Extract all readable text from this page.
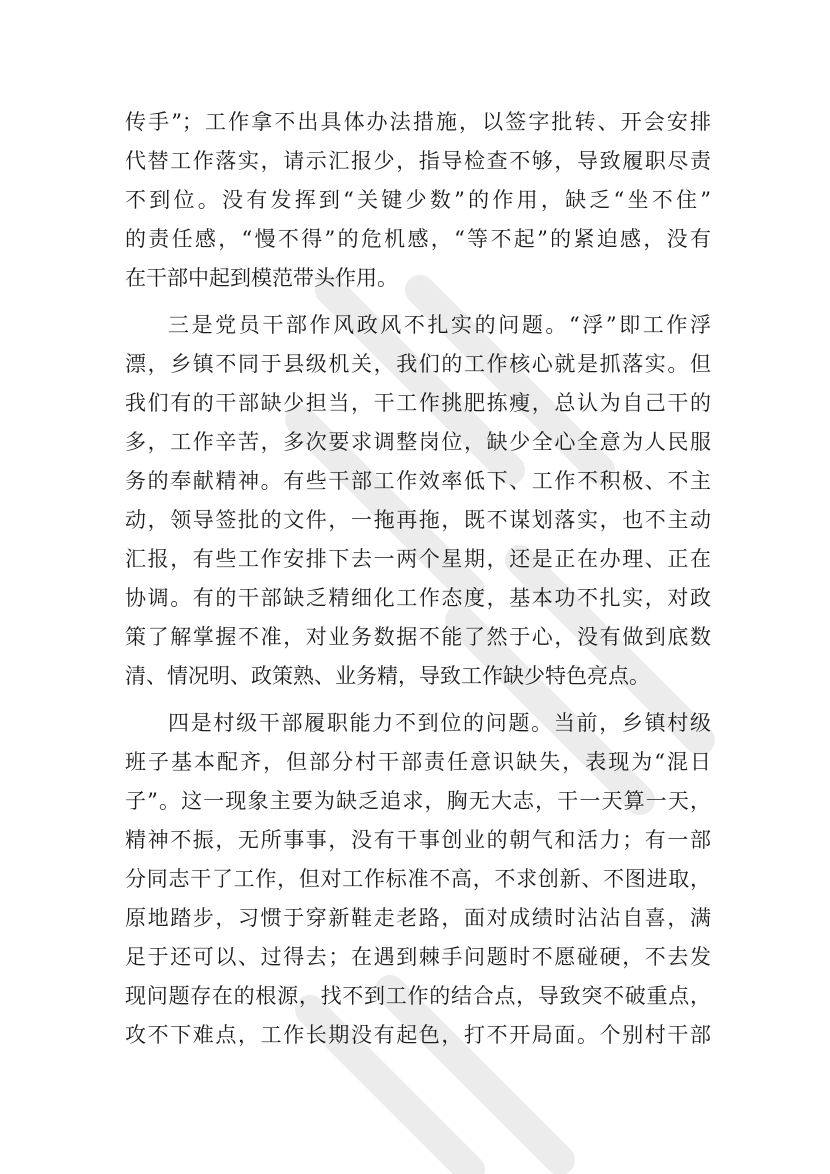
传手”；工作拿不出具体办法措施，以签字批转、开会安排
代替工作落实，请示汇报少，指导检查不够，导致履职尽责
不到位。没有发挥到“关键少数”的作用，缺乏“坐不住”
的责任感，“慢不得”的危机感，“等不起”的紧迫感，没有
在干部中起到模范带头作用。
三是党员干部作风政风不扎实的问题。“浮”即工作浮
漂，乡镇不同于县级机关，我们的工作核心就是抓落实。但
我们有的干部缺少担当，干工作挑肥拣瘦，总认为自己干的
多，工作辛苦，多次要求调整岗位，缺少全心全意为人民服
务的奉献精神。有些干部工作效率低下、工作不积极、不主
动，领导签批的文件，一拖再拖，既不谋划落实，也不主动
汇报，有些工作安排下去一两个星期，还是正在办理、正在
协调。有的干部缺乏精细化工作态度，基本功不扎实，对政
策了解掌握不准，对业务数据不能了然于心，没有做到底数
清、情况明、政策熟、业务精，导致工作缺少特色亮点。
四是村级干部履职能力不到位的问题。当前，乡镇村级
班子基本配齐，但部分村干部责任意识缺失，表现为“混日
子”。这一现象主要为缺乏追求，胸无大志，干一天算一天，
精神不振，无所事事，没有干事创业的朝气和活力；有一部
分同志干了工作，但对工作标准不高，不求创新、不图进取，
原地踏步，习惯于穿新鞋走老路，面对成绩时沾沾自喜，满
足于还可以、过得去；在遇到棘手问题时不愿碰硬，不去发
现问题存在的根源，找不到工作的结合点，导致突不破重点，
攻不下难点，工作长期没有起色，打不开局面。个别村干部
